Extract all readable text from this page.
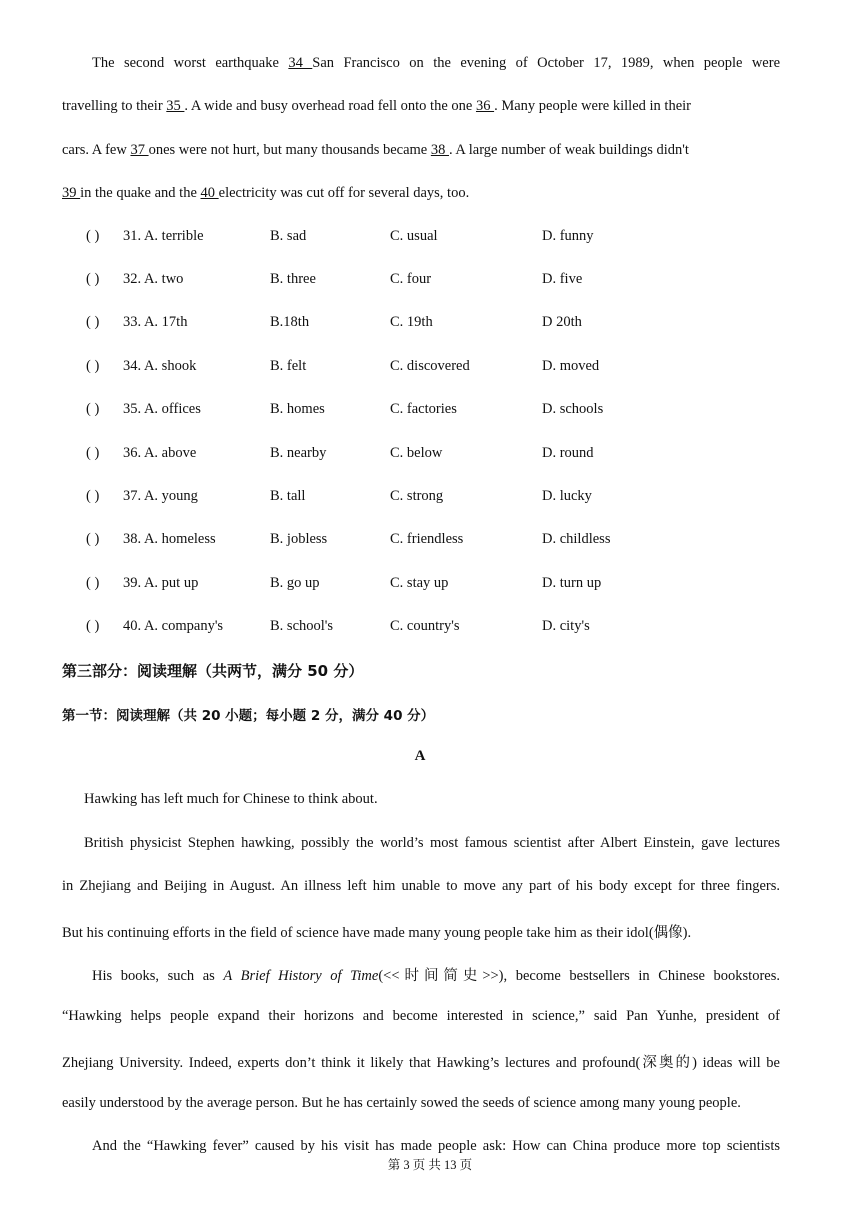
The second worst earthquake 34 San Francisco on the evening of October 17, 1989, when people were
travelling to their 35 . A wide and busy overhead road fell onto the one 36 . Many people were killed in their
cars. A few 37 ones were not hurt, but many thousands became 38 . A large number of weak buildings didn't
39 in the quake and the 40 electricity was cut off for several days, too.
( ) 31. A. terrible	B. sad	C. usual	D. funny
( ) 32. A. two	B. three	C. four	D. five
( ) 33. A. 17th	B.18th	C. 19th	D 20th
( ) 34. A. shook	B. felt	C. discovered	D. moved
( ) 35. A. offices	B. homes	C. factories	D. schools
( ) 36. A. above	B. nearby	C. below	D. round
( ) 37. A. young	B. tall	C. strong	D. lucky
( ) 38. A. homeless	B. jobless	C. friendless	D. childless
( ) 39. A. put up	B. go up	C. stay up	D. turn up
( ) 40. A. company's	B. school's	C. country's	D. city's
第三部分：阅读理解（共两节，满分 50 分）
第一节：阅读理解（共 20 小题；每小题 2 分，满分 40 分）
A
Hawking has left much for Chinese to think about.
British physicist Stephen hawking, possibly the world’s most famous scientist after Albert Einstein, gave lectures
in Zhejiang and Beijing in August. An illness left him unable to move any part of his body except for three fingers.
But his continuing efforts in the field of science have made many young people take him as their idol(偶像).
His books, such as A Brief History of Time(<<时间简史>>), become bestsellers in Chinese bookstores.
“Hawking helps people expand their horizons and become interested in science,” said Pan Yunhe, president of
Zhejiang University. Indeed, experts don’t think it likely that Hawking’s lectures and profound(深奥的) ideas will be
easily understood by the average person. But he has certainly sowed the seeds of science among many young people.
And the “Hawking fever” caused by his visit has made people ask: How can China produce more top scientists
第 3 页 共 13 页
